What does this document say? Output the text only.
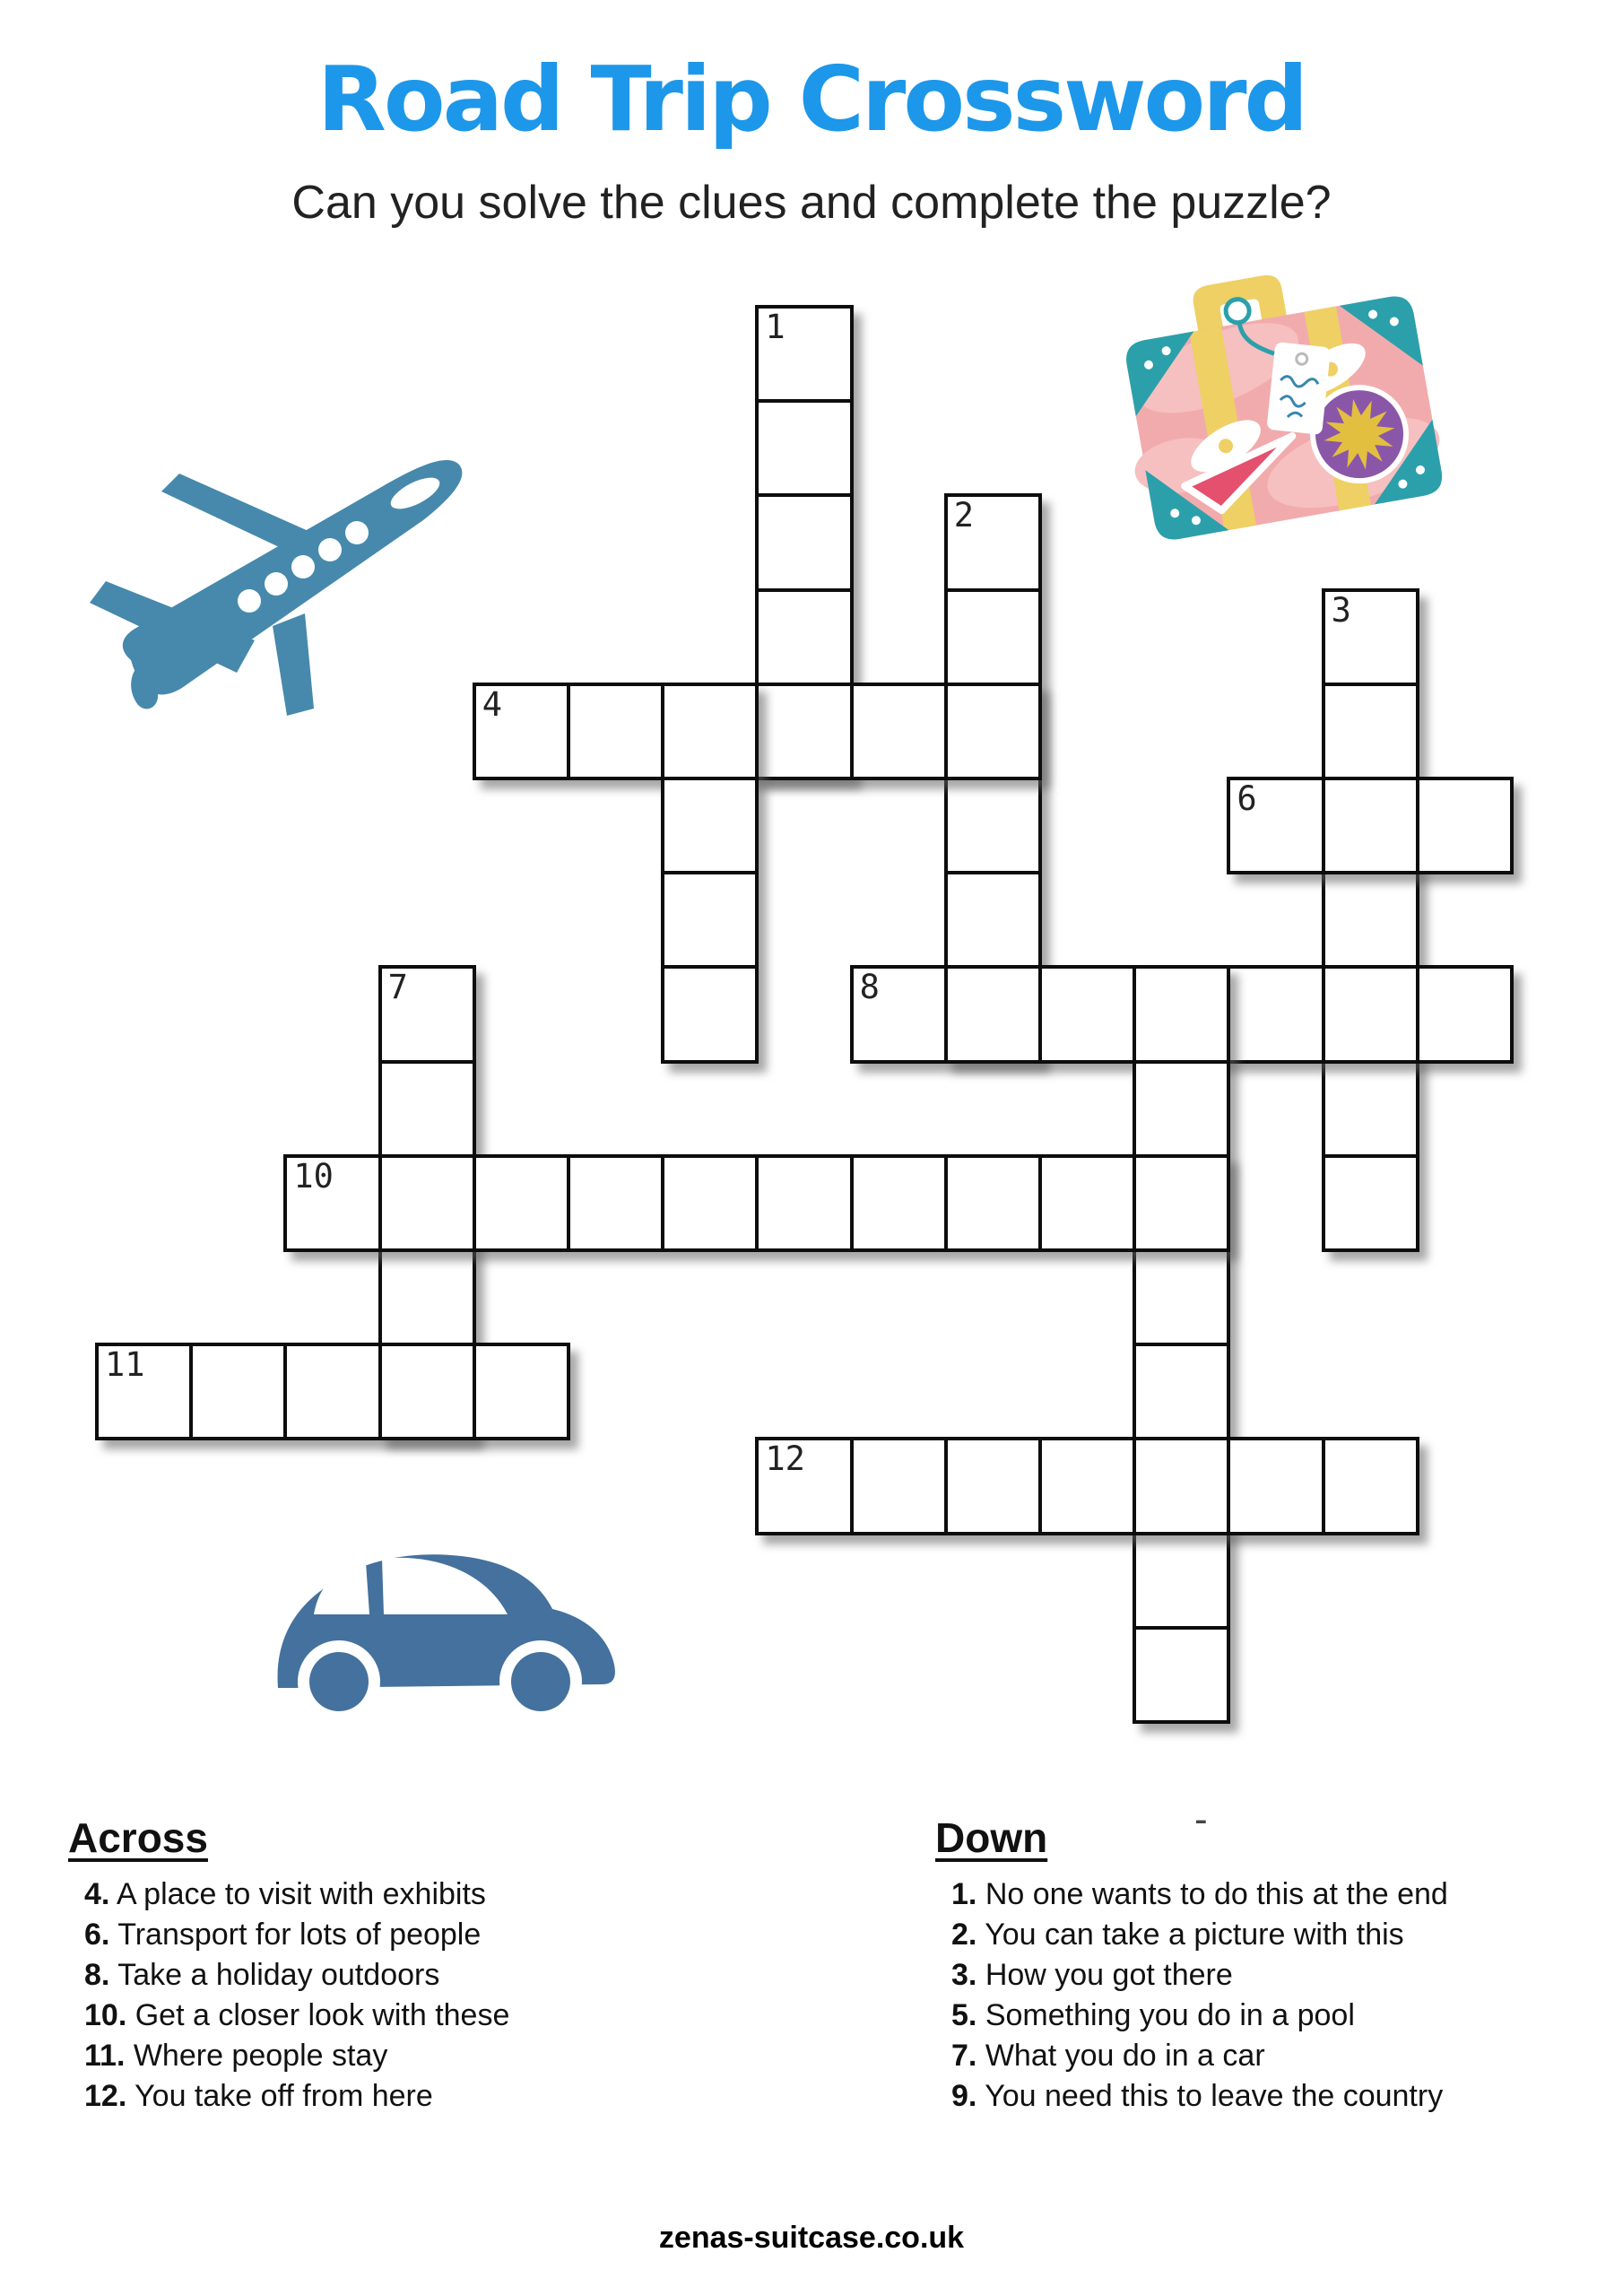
Road Trip Crossword
Can you solve the clues and complete the puzzle?
1
2
3
4
6
7	8
10
11
12
Across
4. A place to visit with exhibits
6. Transport for lots of people
8. Take a holiday outdoors
10. Get a closer look with these
11. Where people stay
12. You take off from here
Down
1. No one wants to do this at the end
2. You can take a picture with this
3. How you got there
5. Something you do in a pool
7. What you do in a car
9. You need this to leave the country
-
zenas-suitcase.co.uk
